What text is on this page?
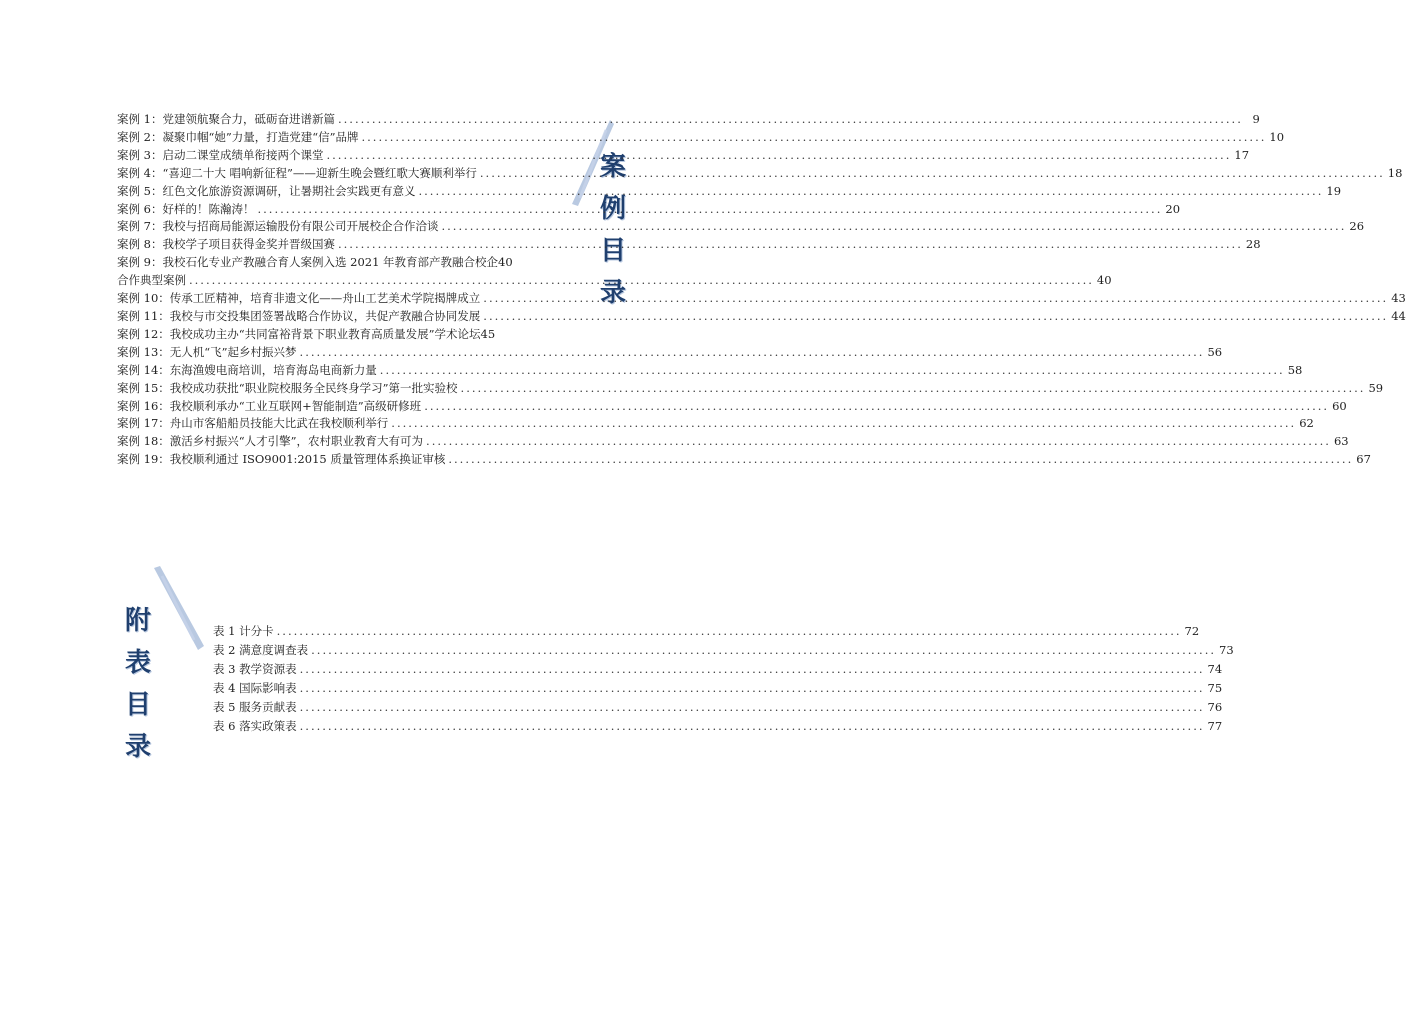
案
例
目
录
附
表
目
录
案例 1：党建领航聚合力，砥砺奋进谱新篇 .....	9
案例 2：凝聚巾帼“她”力量，打造党建“信”品牌 .....	10
案例 3：启动二课堂成绩单衔接两个课堂 .....	17
案例 4：“喜迎二十大 唱响新征程”——迎新生晚会暨红歌大赛顺利举行 .....	18
案例 5：红色文化旅游资源调研，让暑期社会实践更有意义 .....	19
案例 6：好样的！陈瀚涛！ .....	20
案例 7：我校与招商局能源运输股份有限公司开展校企合作洽谈 .....	26
案例 8：我校学子项目获得金奖并晋级国赛 .....	28
案例 9：我校石化专业产教融合育人案例入选 2021 年教育部产教融合校企 40
合作典型案例 .....	40
案例 10：传承工匠精神，培育非遗文化——舟山工艺美术学院揭牌成立 .....	43
案例 11：我校与市交投集团签署战略合作协议，共促产教融合协同发展 .....	44
案例 12：我校成功主办“共同富裕背景下职业教育高质量发展”学术论坛 45
案例 13：无人机“飞”起乡村振兴梦 .....	56
案例 14：东海渔嫂电商培训，培育海岛电商新力量 .....	58
案例 15：我校成功获批“职业院校服务全民终身学习”第一批实验校 .....	59
案例 16：我校顺利承办“工业互联网+智能制造”高级研修班 .....	60
案例 17：舟山市客船船员技能大比武在我校顺利举行 .....	62
案例 18：激活乡村振兴“人才引擎”，农村职业教育大有可为 .....	63
案例 19：我校顺利通过 ISO9001:2015 质量管理体系换证审核 .....	67
表 1 计分卡 .....	72
表 2 满意度调查表 .....	73
表 3 教学资源表 .....	74
表 4 国际影响表 .....	75
表 5 服务贡献表 .....	76
表 6 落实政策表 .....	77
